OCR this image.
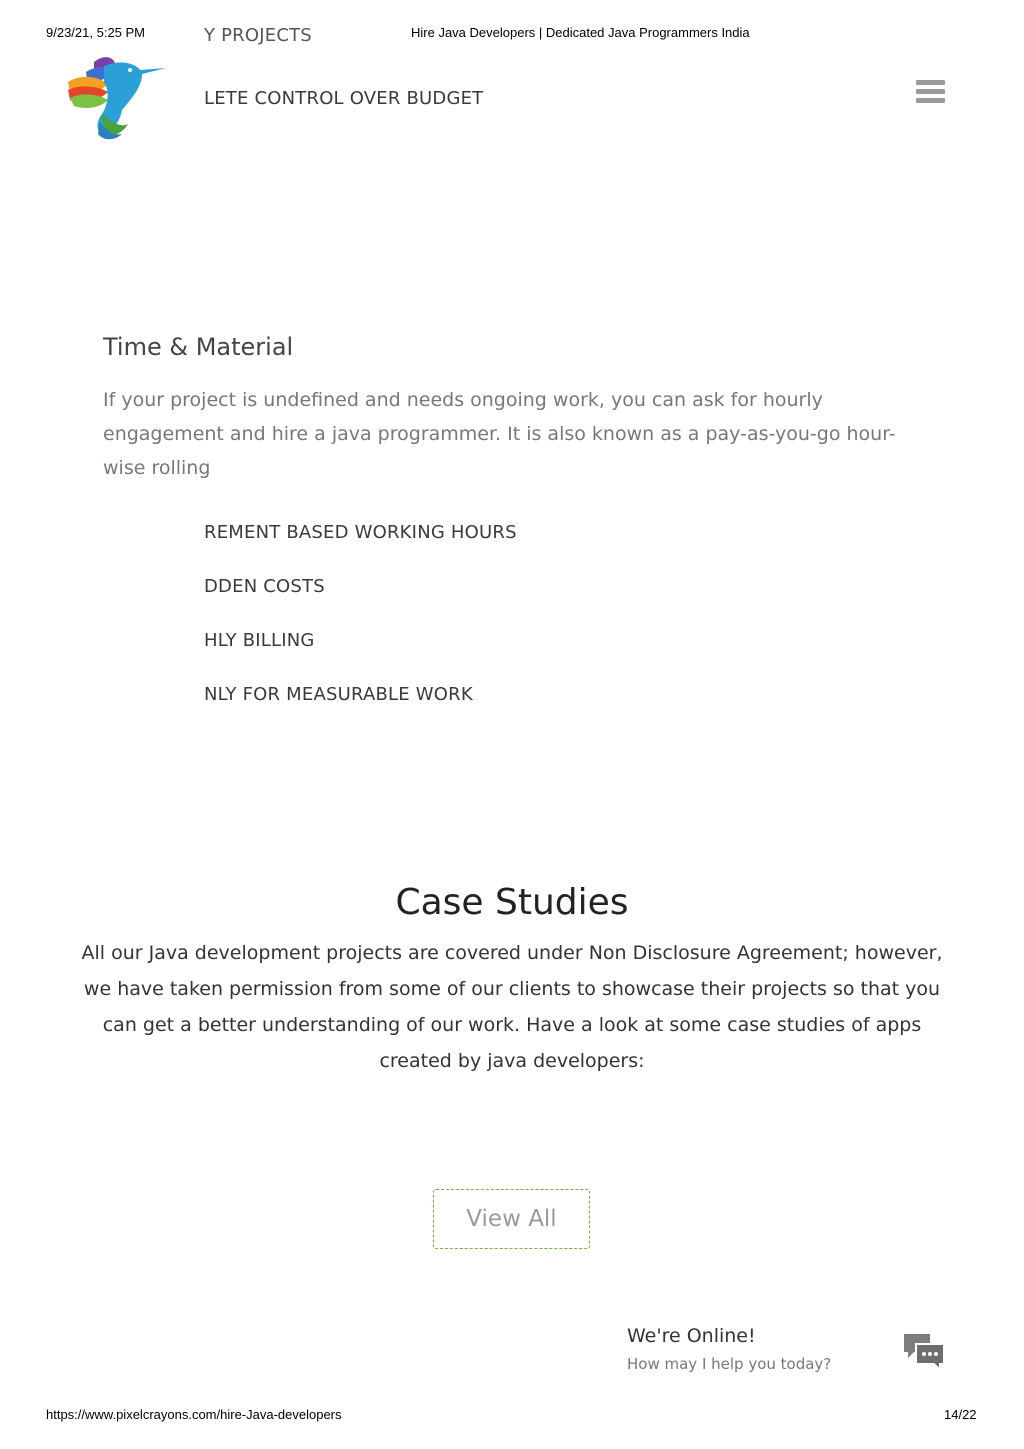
9/23/21, 5:25 PM	Hire Java Developers | Dedicated Java Programmers India
Y PROJECTS
LETE CONTROL OVER BUDGET
Time & Material
If your project is undefined and needs ongoing work, you can ask for hourly engagement and hire a java programmer. It is also known as a pay-as-you-go hour-wise rolling
REMENT BASED WORKING HOURS
DDEN COSTS
HLY BILLING
NLY FOR MEASURABLE WORK
Case Studies
All our Java development projects are covered under Non Disclosure Agreement; however, we have taken permission from some of our clients to showcase their projects so that you can get a better understanding of our work. Have a look at some case studies of apps created by java developers:
View All
We're Online!
How may I help you today?
https://www.pixelcrayons.com/hire-Java-developers	14/22
